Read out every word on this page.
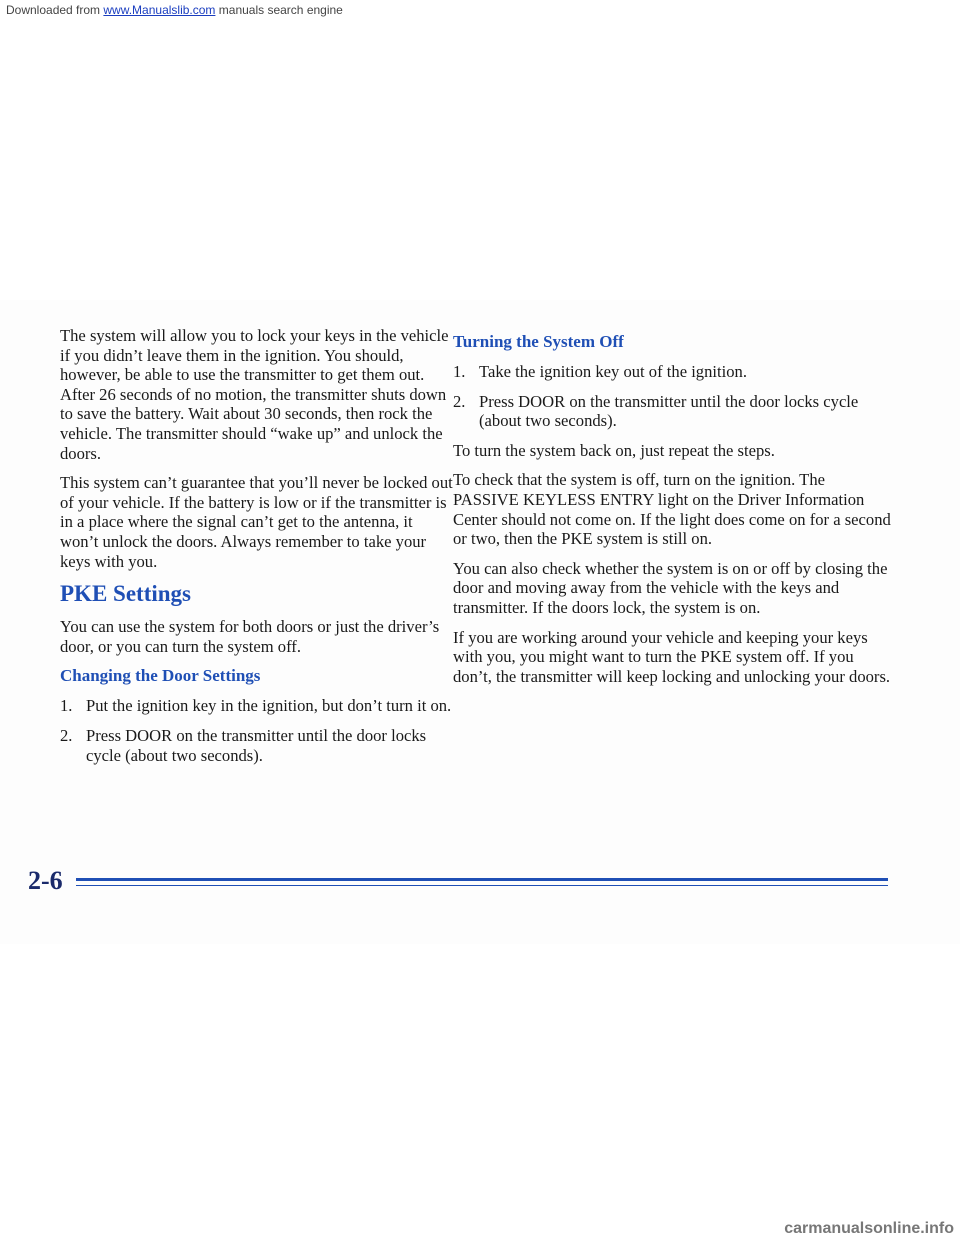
Downloaded from www.Manualslib.com manuals search engine

The system will allow you to lock your keys in the vehicle if you didn’t leave them in the ignition. You should, however, be able to use the transmitter to get them out. After 26 seconds of no motion, the transmitter shuts down to save the battery. Wait about 30 seconds, then rock the vehicle. The transmitter should “wake up” and unlock the doors.

This system can’t guarantee that you’ll never be locked out of your vehicle. If the battery is low or if the transmitter is in a place where the signal can’t get to the antenna, it won’t unlock the doors. Always remember to take your keys with you.

PKE Settings

You can use the system for both doors or just the driver’s door, or you can turn the system off.

Changing the Door Settings
1. Put the ignition key in the ignition, but don’t turn it on.
2. Press DOOR on the transmitter until the door locks cycle (about two seconds).
Turning the System Off
1. Take the ignition key out of the ignition.
2. Press DOOR on the transmitter until the door locks cycle (about two seconds).

To turn the system back on, just repeat the steps.

To check that the system is off, turn on the ignition. The PASSIVE KEYLESS ENTRY light on the Driver Information Center should not come on. If the light does come on for a second or two, then the PKE system is still on.

You can also check whether the system is on or off by closing the door and moving away from the vehicle with the keys and transmitter. If the doors lock, the system is on.

If you are working around your vehicle and keeping your keys with you, you might want to turn the PKE system off. If you don’t, the transmitter will keep locking and unlocking your doors.

2-6
carmanualsonline.info
